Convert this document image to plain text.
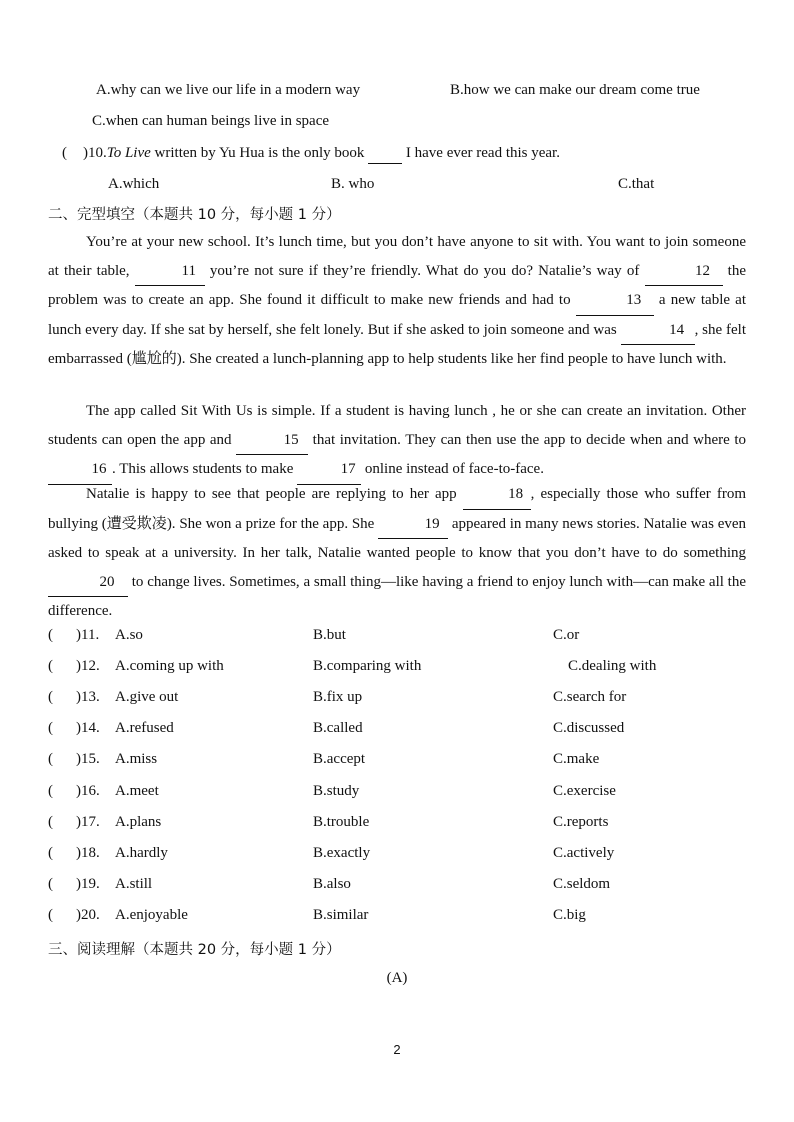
A.why can we live our life in a modern way	B.how we can make our dream come true
C.when can human beings live in space
( )10.To Live written by Yu Hua is the only book   I have ever read this year.
A.which	B. who	C.that
二、完型填空（本题共 10 分，每小题 1 分）
You’re at your new school. It’s lunch time, but you don’t have anyone to sit with. You want to join someone at their table,	11 you’re not sure if they’re friendly. What do you do? Natalie’s way of	12 the problem was to create an app. She found it difficult to make new friends and had to	13 a new table at lunch every day. If she sat by herself, she felt lonely. But if she asked to join someone and was	14 , she felt embarrassed (尴尬的). She created a lunch-planning app to help students like her find people to have lunch with.
The app called Sit With Us is simple. If a student is having lunch , he or she can create an invitation. Other students can open the app and	15 that invitation. They can then use the app to decide when and where to 16 . This allows students to make	17 online instead of face-to-face.
Natalie is happy to see that people are replying to her app	18 , especially those who suffer from bullying (遭受欺凌). She won a prize for the app. She	19 appeared in many news stories. Natalie was even asked to speak at a university. In her talk, Natalie wanted people to know that you don’t have to do something 20 to change lives. Sometimes, a small thing—like having a friend to enjoy lunch with—can make all the difference.
( )11. A.so	B.but	C.or
( )12. A.coming up with	B.comparing with	C.dealing with
( )13. A.give out	B.fix up	C.search for
( )14. A.refused	B.called	C.discussed
( )15. A.miss	B.accept	C.make
( )16. A.meet	B.study	C.exercise
( )17. A.plans	B.trouble	C.reports
( )18. A.hardly	B.exactly	C.actively
( )19. A.still	B.also	C.seldom
( )20. A.enjoyable	B.similar	C.big
三、阅读理解（本题共 20 分，每小题 1 分）
(A)
2
